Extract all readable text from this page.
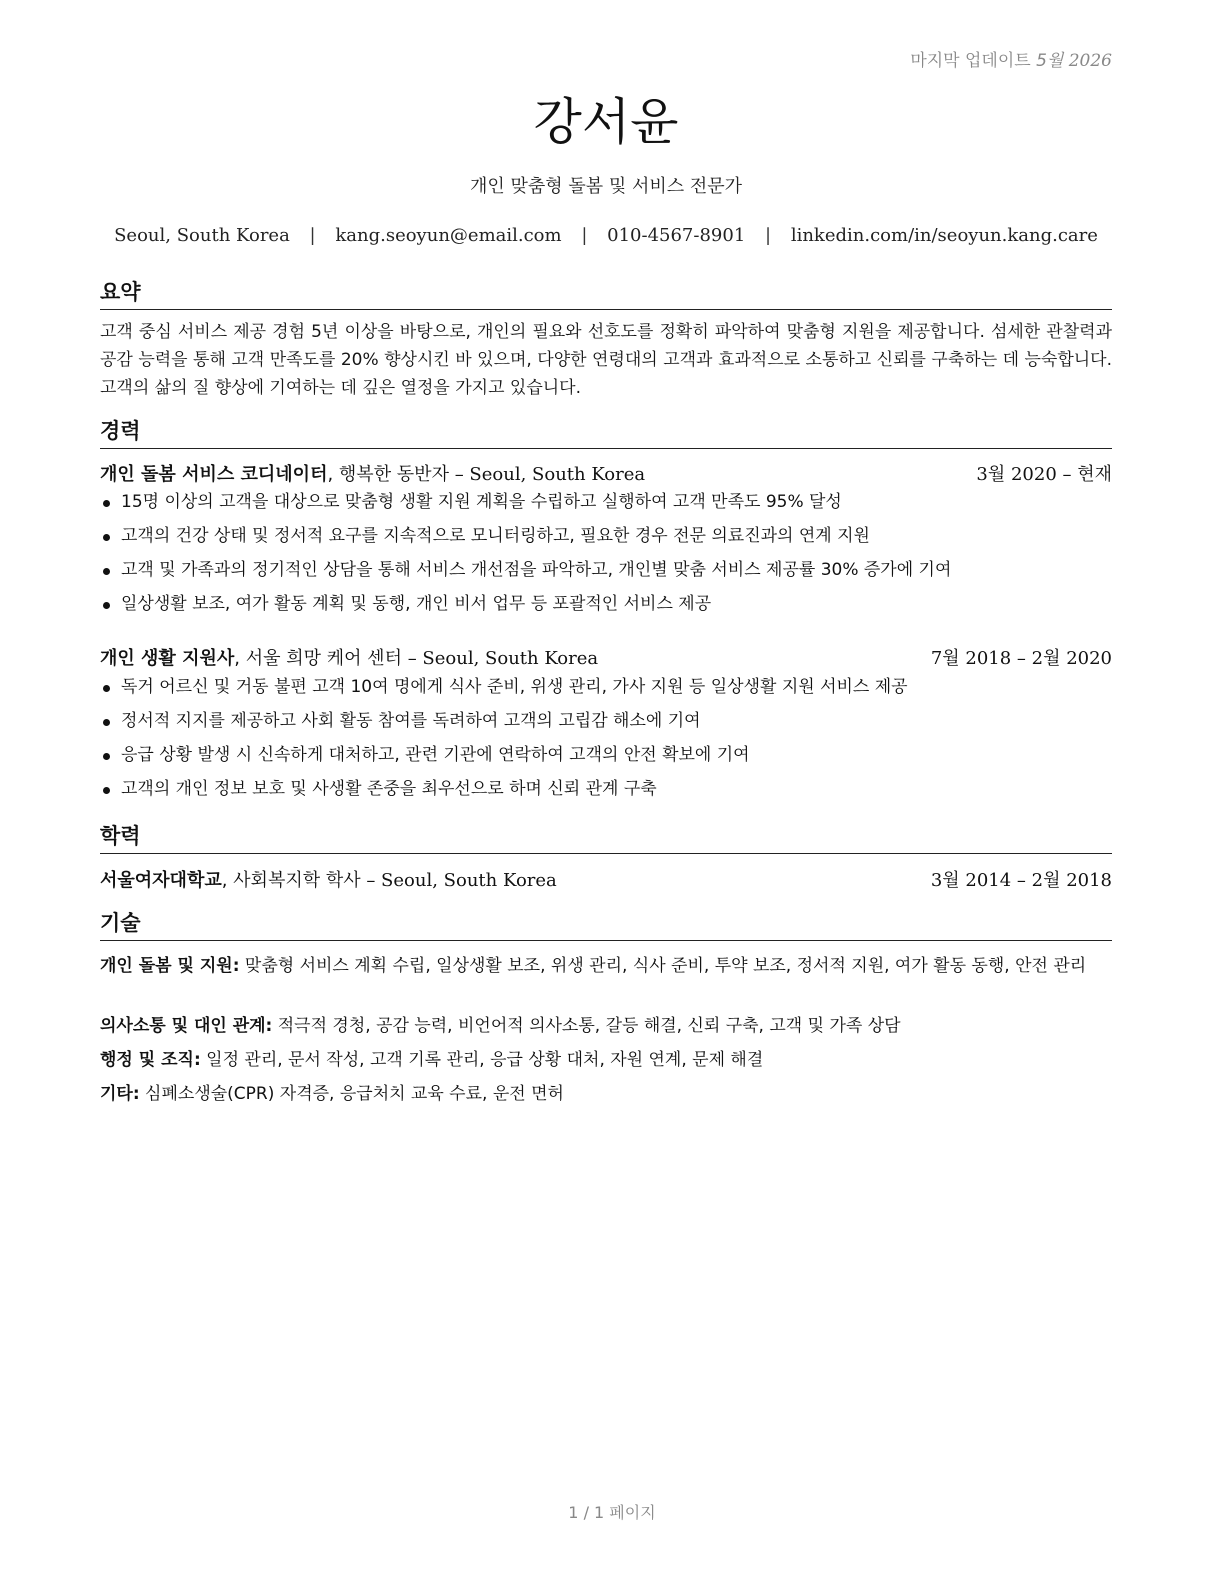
마지막 업데이트 5월 2026
강서윤
개인 맞춤형 돌봄 및 서비스 전문가
Seoul, South Korea | kang.seoyun@email.com | 010-4567-8901 | linkedin.com/in/seoyun.kang.care
요약
고객 중심 서비스 제공 경험 5년 이상을 바탕으로, 개인의 필요와 선호도를 정확히 파악하여 맞춤형 지원을 제공합니다. 섬세한 관찰력과 공감 능력을 통해 고객 만족도를 20% 향상시킨 바 있으며, 다양한 연령대의 고객과 효과적으로 소통하고 신뢰를 구축하는 데 능숙합니다. 고객의 삶의 질 향상에 기여하는 데 깊은 열정을 가지고 있습니다.
경력
개인 돌봄 서비스 코디네이터, 행복한 동반자 – Seoul, South Korea	3월 2020 – 현재
15명 이상의 고객을 대상으로 맞춤형 생활 지원 계획을 수립하고 실행하여 고객 만족도 95% 달성
고객의 건강 상태 및 정서적 요구를 지속적으로 모니터링하고, 필요한 경우 전문 의료진과의 연계 지원
고객 및 가족과의 정기적인 상담을 통해 서비스 개선점을 파악하고, 개인별 맞춤 서비스 제공률 30% 증가에 기여
일상생활 보조, 여가 활동 계획 및 동행, 개인 비서 업무 등 포괄적인 서비스 제공
개인 생활 지원사, 서울 희망 케어 센터 – Seoul, South Korea	7월 2018 – 2월 2020
독거 어르신 및 거동 불편 고객 10여 명에게 식사 준비, 위생 관리, 가사 지원 등 일상생활 지원 서비스 제공
정서적 지지를 제공하고 사회 활동 참여를 독려하여 고객의 고립감 해소에 기여
응급 상황 발생 시 신속하게 대처하고, 관련 기관에 연락하여 고객의 안전 확보에 기여
고객의 개인 정보 보호 및 사생활 존중을 최우선으로 하며 신뢰 관계 구축
학력
서울여자대학교, 사회복지학 학사 – Seoul, South Korea	3월 2014 – 2월 2018
기술
개인 돌봄 및 지원: 맞춤형 서비스 계획 수립, 일상생활 보조, 위생 관리, 식사 준비, 투약 보조, 정서적 지원, 여가 활동 동행, 안전 관리
의사소통 및 대인 관계: 적극적 경청, 공감 능력, 비언어적 의사소통, 갈등 해결, 신뢰 구축, 고객 및 가족 상담
행정 및 조직: 일정 관리, 문서 작성, 고객 기록 관리, 응급 상황 대처, 자원 연계, 문제 해결
기타: 심폐소생술(CPR) 자격증, 응급처치 교육 수료, 운전 면허
1 / 1 페이지
